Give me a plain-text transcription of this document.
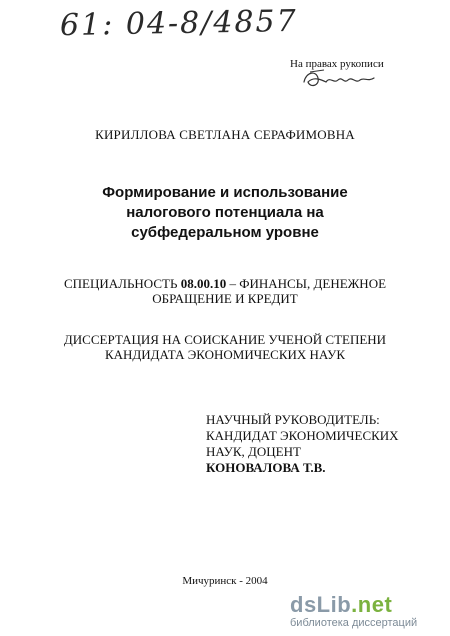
61: 04-8/4857
На правах рукописи
КИРИЛЛОВА СВЕТЛАНА СЕРАФИМОВНА
Формирование и использование
налогового потенциала на
субфедеральном уровне
СПЕЦИАЛЬНОСТЬ 08.00.10 – ФИНАНСЫ, ДЕНЕЖНОЕ
ОБРАЩЕНИЕ И КРЕДИТ
ДИССЕРТАЦИЯ НА СОИСКАНИЕ УЧЕНОЙ СТЕПЕНИ
КАНДИДАТА ЭКОНОМИЧЕСКИХ НАУК
НАУЧНЫЙ РУКОВОДИТЕЛЬ:
КАНДИДАТ ЭКОНОМИЧЕСКИХ
НАУК, ДОЦЕНТ
КОНОВАЛОВА Т.В.
Мичуринск - 2004
dsLib.net
библиотека диссертаций
